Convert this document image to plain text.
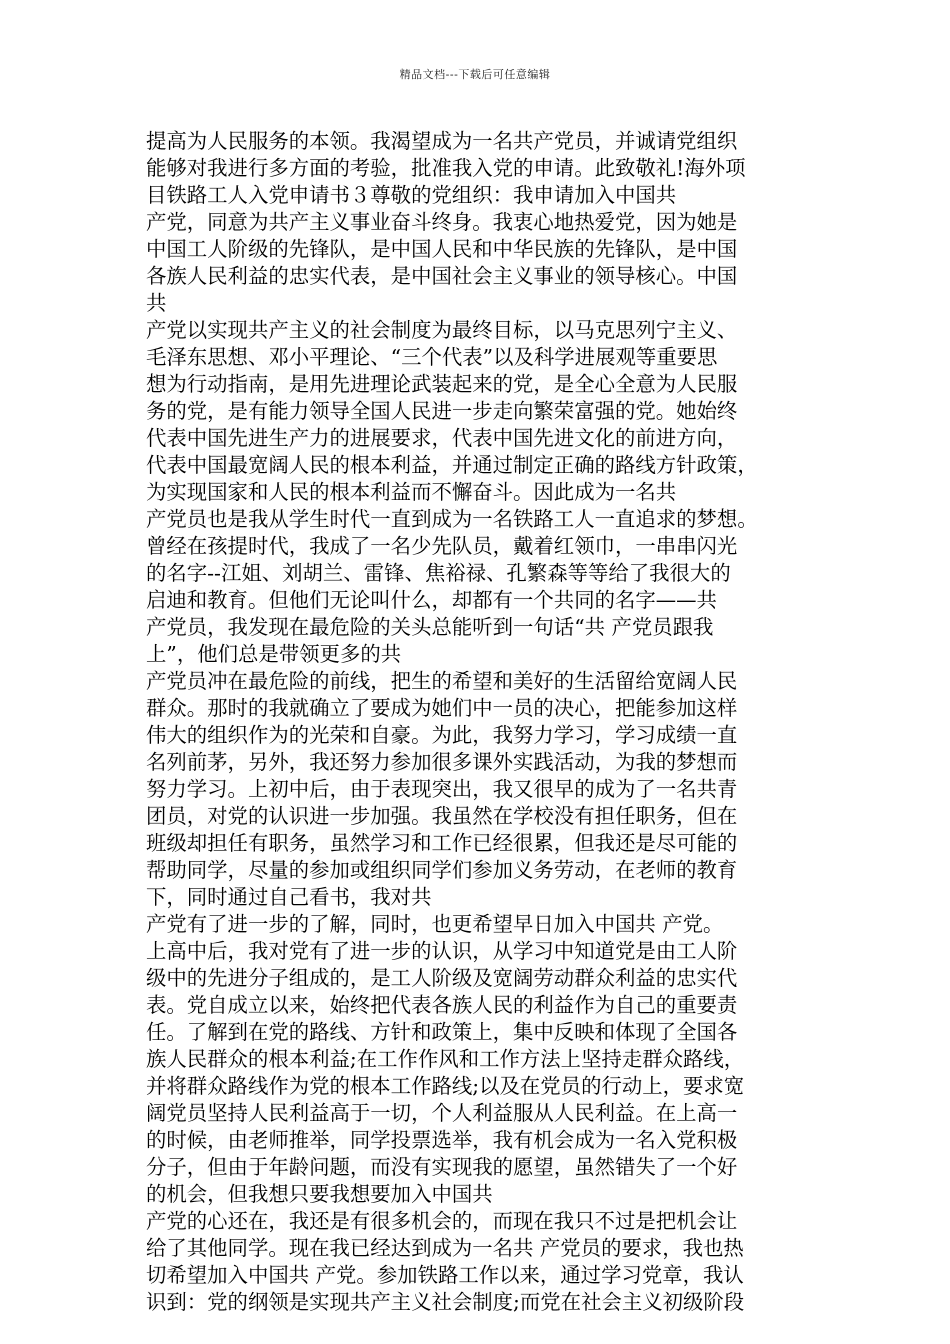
精品文档---下载后可任意编辑
提高为人民服务的本领。我渴望成为一名共产党员，并诚请党组织
能够对我进行多方面的考验，批准我入党的申请。此致敬礼!海外项
目铁路工人入党申请书３尊敬的党组织：我申请加入中国共
产党，同意为共产主义事业奋斗终身。我衷心地热爱党，因为她是
中国工人阶级的先锋队，是中国人民和中华民族的先锋队，是中国
各族人民利益的忠实代表，是中国社会主义事业的领导核心。中国
共
产党以实现共产主义的社会制度为最终目标，以马克思列宁主义、
毛泽东思想、邓小平理论、“三个代表”以及科学进展观等重要思
想为行动指南，是用先进理论武装起来的党，是全心全意为人民服
务的党，是有能力领导全国人民进一步走向繁荣富强的党。她始终
代表中国先进生产力的进展要求，代表中国先进文化的前进方向，
代表中国最宽阔人民的根本利益，并通过制定正确的路线方针政策，
为实现国家和人民的根本利益而不懈奋斗。因此成为一名共
产党员也是我从学生时代一直到成为一名铁路工人一直追求的梦想。
曾经在孩提时代，我成了一名少先队员，戴着红领巾，一串串闪光
的名字--江姐、刘胡兰、雷锋、焦裕禄、孔繁森等等给了我很大的
启迪和教育。但他们无论叫什么，却都有一个共同的名字——共
产党员，我发现在最危险的关头总能听到一句话“共 产党员跟我
上”，他们总是带领更多的共
产党员冲在最危险的前线，把生的希望和美好的生活留给宽阔人民
群众。那时的我就确立了要成为她们中一员的决心，把能参加这样
伟大的组织作为的光荣和自豪。为此，我努力学习，学习成绩一直
名列前茅，另外，我还努力参加很多课外实践活动，为我的梦想而
努力学习。上初中后，由于表现突出，我又很早的成为了一名共青
团员，对党的认识进一步加强。我虽然在学校没有担任职务，但在
班级却担任有职务，虽然学习和工作已经很累，但我还是尽可能的
帮助同学，尽量的参加或组织同学们参加义务劳动，在老师的教育
下，同时通过自己看书，我对共
产党有了进一步的了解，同时，也更希望早日加入中国共 产党。
上高中后，我对党有了进一步的认识，从学习中知道党是由工人阶
级中的先进分子组成的，是工人阶级及宽阔劳动群众利益的忠实代
表。党自成立以来，始终把代表各族人民的利益作为自己的重要责
任。了解到在党的路线、方针和政策上，集中反映和体现了全国各
族人民群众的根本利益;在工作作风和工作方法上坚持走群众路线，
并将群众路线作为党的根本工作路线;以及在党员的行动上，要求宽
阔党员坚持人民利益高于一切，个人利益服从人民利益。在上高一
的时候，由老师推举，同学投票选举，我有机会成为一名入党积极
分子，但由于年龄问题，而没有实现我的愿望，虽然错失了一个好
的机会，但我想只要我想要加入中国共
产党的心还在，我还是有很多机会的，而现在我只不过是把机会让
给了其他同学。现在我已经达到成为一名共 产党员的要求，我也热
切希望加入中国共 产党。参加铁路工作以来，通过学习党章，我认
识到：党的纲领是实现共产主义社会制度;而党在社会主义初级阶段
